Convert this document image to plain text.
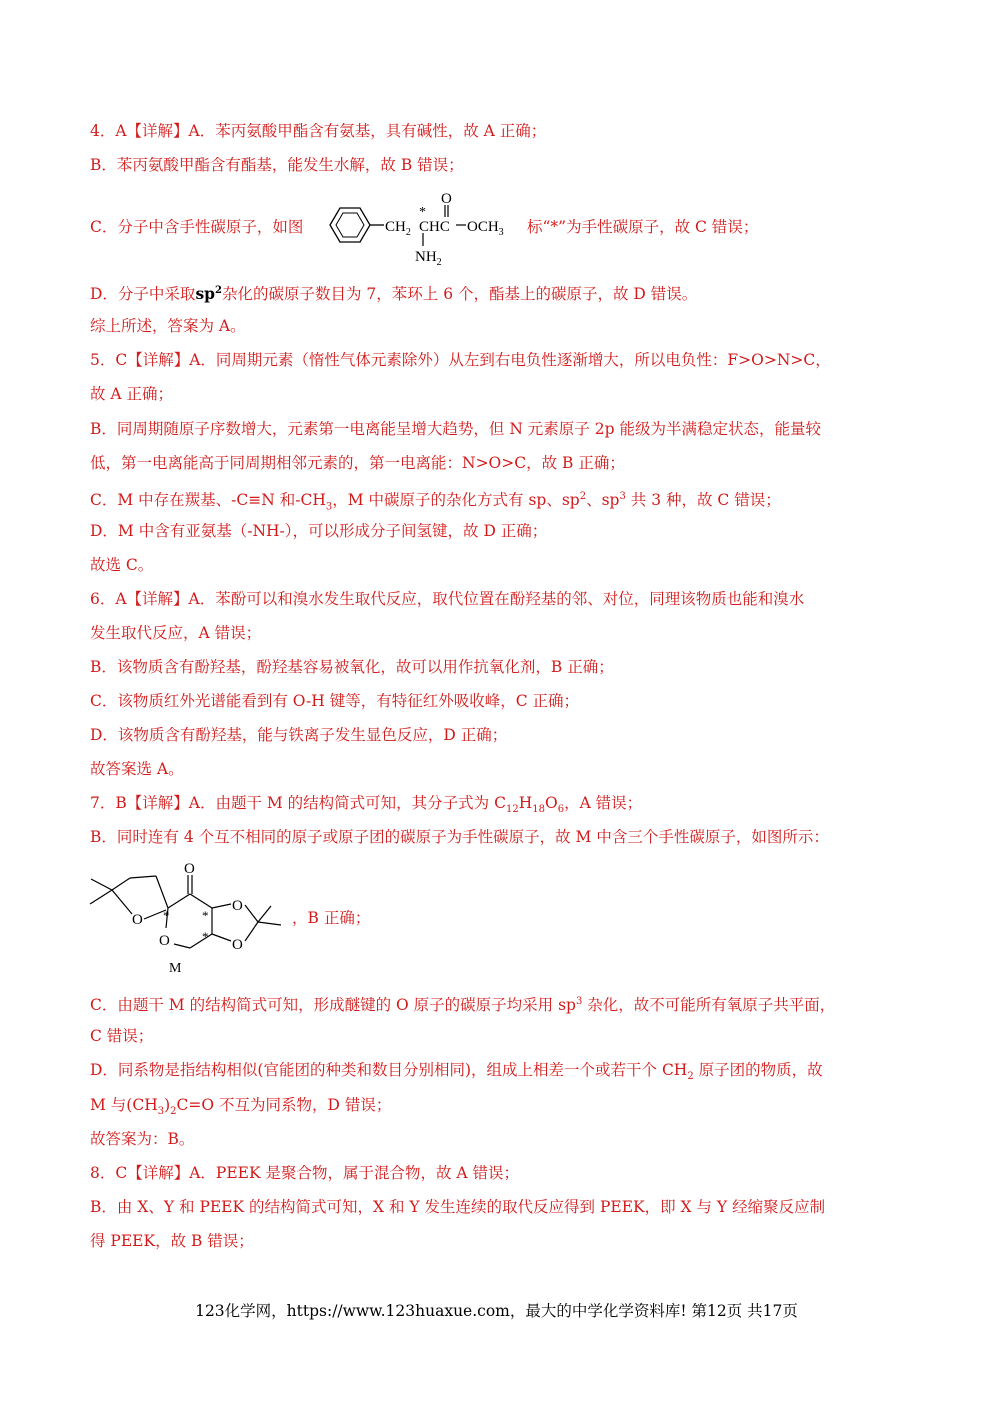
4．A【详解】A．苯丙氨酸甲酯含有氨基，具有碱性，故 A 正确；
B．苯丙氨酸甲酯含有酯基，能发生水解，故 B 错误；
C．分子中含手性碳原子，如图
O
*
$CH_2$ CHC $OCH_3$
$NH_2$
标“*”为手性碳原子，故 C 错误；
D．分子中采取$sp^2$杂化的碳原子数目为 7，苯环上 6 个，酯基上的碳原子，故 D 错误。
综上所述，答案为 A。
5．C【详解】A．同周期元素（惰性气体元素除外）从左到右电负性逐渐增大，所以电负性：F>O>N>C，
故 A 正确；
B．同周期随原子序数增大，元素第一电离能呈增大趋势，但 N 元素原子 2p 能级为半满稳定状态，能量较
低，第一电离能高于同周期相邻元素的，第一电离能：N>O>C，故 B 正确；
C．M 中存在羰基、-C≡N 和$-CH_3$，M 中碳原子的杂化方式有 sp、$sp^2$、$sp^3$ 共 3 种，故 C 错误；
D．M 中含有亚氨基（-NH-），可以形成分子间氢键，故 D 正确；
故选 C。
6．A【详解】A．苯酚可以和溴水发生取代反应，取代位置在酚羟基的邻、对位，同理该物质也能和溴水
发生取代反应，A 错误；
B．该物质含有酚羟基，酚羟基容易被氧化，故可以用作抗氧化剂，B 正确；
C．该物质红外光谱能看到有 O-H 键等，有特征红外吸收峰，C 正确；
D．该物质含有酚羟基，能与铁离子发生显色反应，D 正确；
故答案选 A。
7．B【详解】A．由题干 M 的结构简式可知，其分子式为 $C_{12}H_{18}O_6$，A 错误；
B．同时连有 4 个互不相同的原子或原子团的碳原子为手性碳原子，故 M 中含三个手性碳原子，如图所示：
O
O
O
O
O
*	*
*
M
，B 正确；
C．由题干 M 的结构简式可知，形成醚键的 O 原子的碳原子均采用 $sp^3$ 杂化，故不可能所有氧原子共平面，
C 错误；
D．同系物是指结构相似(官能团的种类和数目分别相同)，组成上相差一个或若干个 $CH_2$ 原子团的物质，故
M 与$(CH_3)_2C=O$ 不互为同系物，D 错误；
故答案为：B。
8．C【详解】A．PEEK 是聚合物，属于混合物，故 A 错误；
B．由 X、Y 和 PEEK 的结构简式可知，X 和 Y 发生连续的取代反应得到 PEEK，即 X 与 Y 经缩聚反应制
得 PEEK，故 B 错误；
123化学网，https://www.123huaxue.com，最大的中学化学资料库! 第12页 共17页
